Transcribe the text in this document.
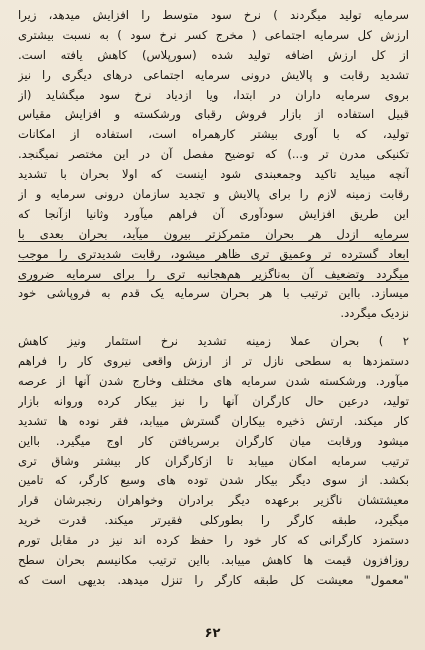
سرمایه تولید میگردند ) نرخ سود متوسط را افزایش میدهد، زیرا
ارزش کل سرمایه اجتماعی ( مخرج کسر نرخ سود ) به نسبت بیشتری
از کل ارزش اضافه تولید شده (سورپلاس) کاهش یافته است.
تشدید رقابت و پالایش درونی سرمایه اجتماعی درهای دیگری را نیز
بروی سرمایه داران در ابتدا، ویا ازدیاد نرخ سود میگشاید (از
قبیل استفاده از بازار فروش رقبای ورشکسته و افزایش مقیاس
تولید، که با آوری بیشتر کارهمراه است، استفاده از امکانات
تکنیکی مدرن تر و...) که توضیح مفصل آن در این مختصر نمیگنجد.
آنچه میباید تاکید وجمعبندی شود اینست که اولا بحران با تشدید
رقابت زمینه لازم را برای پالایش و تجدید سازمان درونی سرمایه و از
این طریق افزایش سودآوری آن فراهم میآورد وثانیا ازآنجا که
سرمایه ازدل هر بحران متمرکزتر بیرون میآید، بحران بعدی با
ابعاد گسترده تر وعمیق تری ظاهر میشود، رقابت شدیدتری را موجب
میگردد وتضعیف آن به‌ناگزیر هم‌هجانبه تری را برای سرمایه ضروری
میسازد. بااین ترتیب با هر بحران سرمایه یک قدم به فروپاشی خود
نزدیک میگردد.
۲ ) بحران عملا زمینه تشدید نرخ استثمار ونیز کاهش
دستمزدها به سطحی نازل تر از ارزش واقعی نیروی کار را فراهم
میآورد. ورشکسته شدن سرمایه های مختلف وخارج شدن آنها از عرصه
تولید، درعین حال کارگران آنها را نیز بیکار کرده وروانه بازار
کار میکند. ارتش ذخیره بیکاران گسترش مییابد، فقر نوده ها تشدید
میشود ورقابت میان کارگران برسریافتن کار اوج میگیرد. بااین
ترتیب سرمایه امکان مییابد تا ازکارگران کار بیشتر وشاق تری
بکشد. از سوی دیگر بیکار شدن توده های وسیع کارگر، که تامین
معیشتشان ناگزیر برعهده دیگر برادران وخواهران رنجبرشان قرار
میگیرد، طبقه کارگر را بطورکلی فقیرتر میکند. قدرت خرید
دستمزد کارگرانی که کار خود را حفظ کرده اند نیز در مقابل تورم
روزافزون قیمت ها کاهش مییابد. بااین ترتیب مکانیسم بحران سطح
"معمول" معیشت کل طبقه کارگر را تنزل میدهد. بدیهی است که
۶۲
